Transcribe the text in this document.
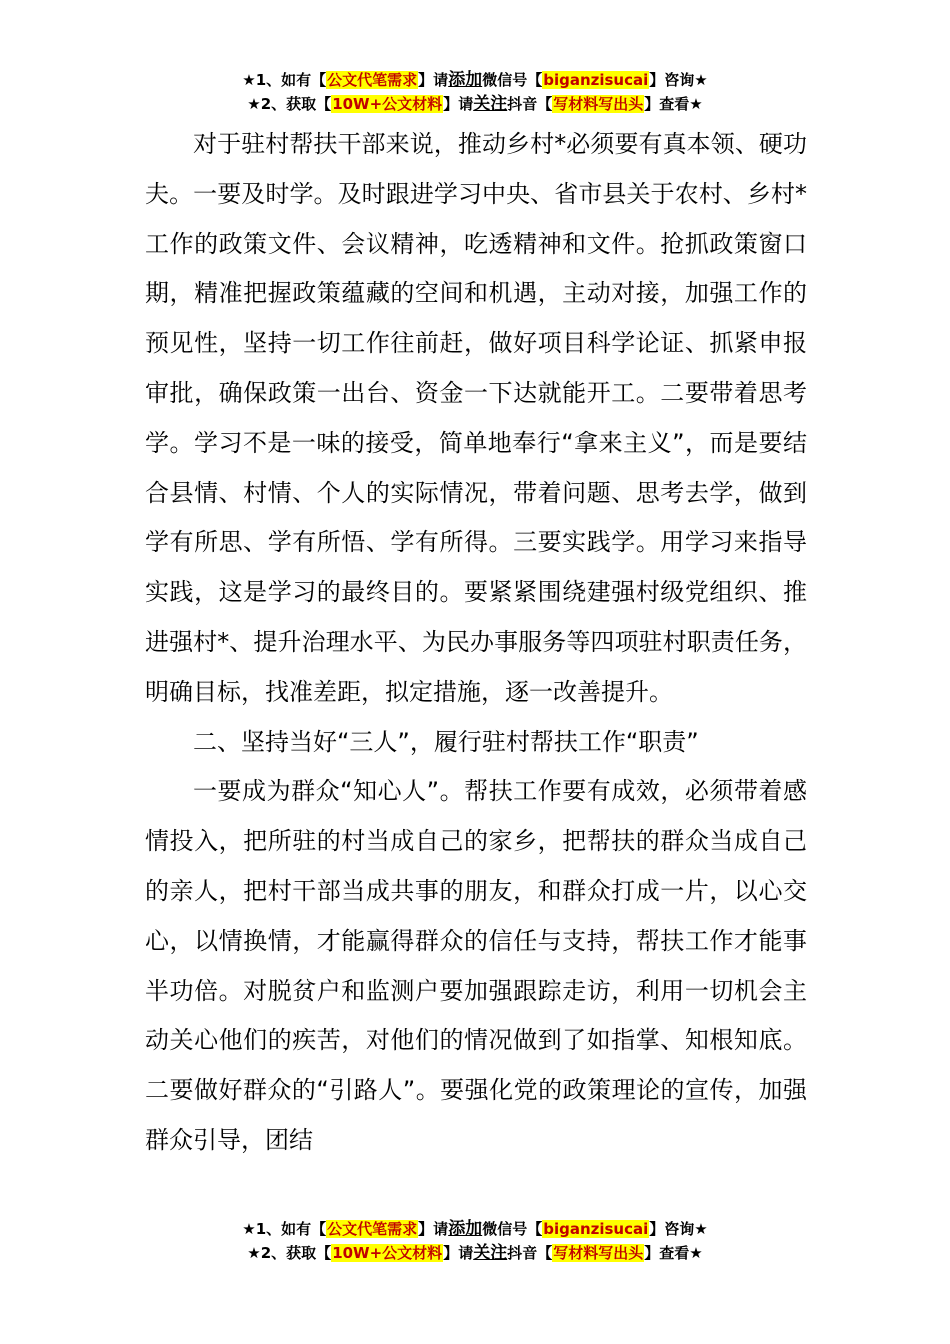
★1、如有【公文代笔需求】请添加微信号【biganzisucai】咨询★
★2、获取【10W+公文材料】请关注抖音【写材料写出头】查看★

对于驻村帮扶干部来说，推动乡村*必须要有真本领、硬功夫。一要及时学。及时跟进学习中央、省市县关于农村、乡村*工作的政策文件、会议精神，吃透精神和文件。抢抓政策窗口期，精准把握政策蕴藏的空间和机遇，主动对接，加强工作的预见性，坚持一切工作往前赶，做好项目科学论证、抓紧申报审批，确保政策一出台、资金一下达就能开工。二要带着思考学。学习不是一味的接受，简单地奉行“拿来主义”，而是要结合县情、村情、个人的实际情况，带着问题、思考去学，做到学有所思、学有所悟、学有所得。三要实践学。用学习来指导实践，这是学习的最终目的。要紧紧围绕建强村级党组织、推进强村*、提升治理水平、为民办事服务等四项驻村职责任务，明确目标，找准差距，拟定措施，逐一改善提升。

二、坚持当好“三人”，履行驻村帮扶工作“职责”

一要成为群众“知心人”。帮扶工作要有成效，必须带着感情投入，把所驻的村当成自己的家乡，把帮扶的群众当成自己的亲人，把村干部当成共事的朋友，和群众打成一片，以心交心，以情换情，才能赢得群众的信任与支持，帮扶工作才能事半功倍。对脱贫户和监测户要加强跟踪走访，利用一切机会主动关心他们的疾苦，对他们的情况做到了如指掌、知根知底。二要做好群众的“引路人”。要强化党的政策理论的宣传，加强群众引导，团结

★1、如有【公文代笔需求】请添加微信号【biganzisucai】咨询★
★2、获取【10W+公文材料】请关注抖音【写材料写出头】查看★
